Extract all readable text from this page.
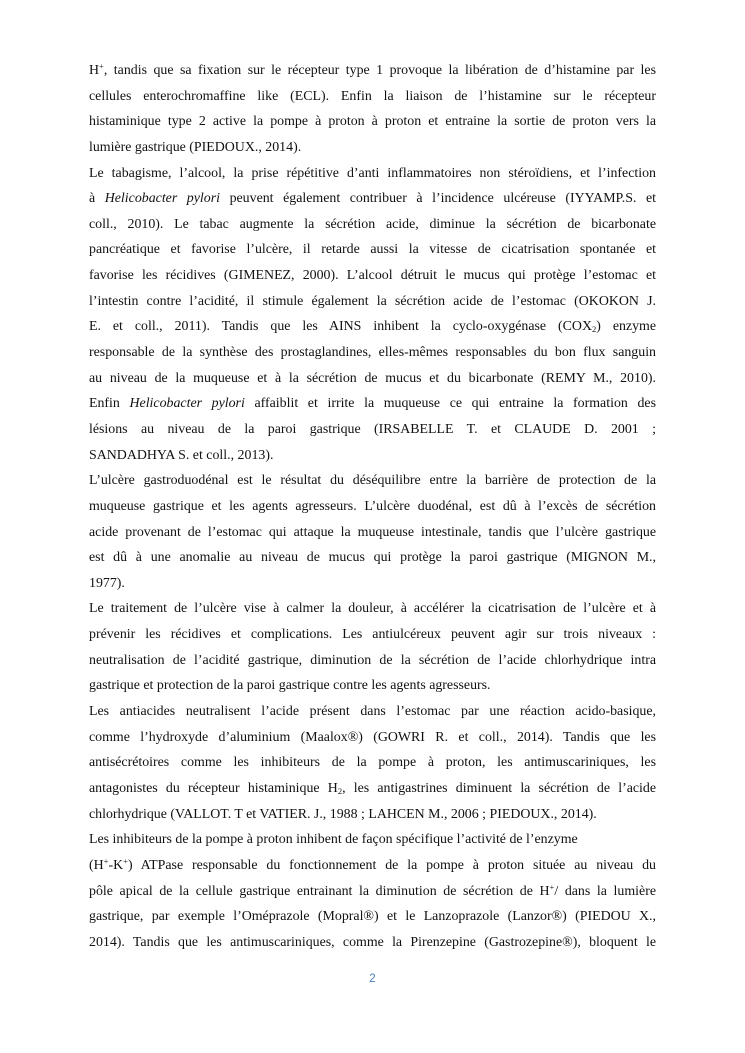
H+, tandis que sa fixation sur le récepteur type 1 provoque la libération de d’histamine par les
cellules enterochromaffine like (ECL). Enfin la liaison de l’histamine sur le récepteur
histaminique type 2 active la pompe à proton à proton et entraine la sortie de proton vers la
lumière gastrique (PIEDOUX., 2014).
Le tabagisme, l’alcool, la prise répétitive d’anti inflammatoires non stéroïdiens, et l’infection
à Helicobacter pylori peuvent également contribuer à l’incidence ulcéreuse (IYYAMP.S. et
coll., 2010). Le tabac augmente la sécrétion acide, diminue la sécrétion de bicarbonate
pancréatique et favorise l’ulcère, il retarde aussi la vitesse de cicatrisation spontanée et
favorise les récidives (GIMENEZ, 2000). L’alcool détruit le mucus qui protège l’estomac et
l’intestin contre l’acidité, il stimule également la sécrétion acide de l’estomac (OKOKON J.
E. et coll., 2011). Tandis que les AINS inhibent la cyclo-oxygénase $(COX_2)$ enzyme
responsable de la synthèse des prostaglandines, elles-mêmes responsables du bon flux sanguin
au niveau de la muqueuse et à la sécrétion de mucus et du bicarbonate (REMY M., 2010).
Enfin Helicobacter pylori affaiblit et irrite la muqueuse ce qui entraine la formation des
lésions au niveau de la paroi gastrique (IRSABELLE T. et CLAUDE D. 2001 ;
SANDADHYA S. et coll., 2013).
L’ulcère gastroduodénal est le résultat du déséquilibre entre la barrière de protection de la
muqueuse gastrique et les agents agresseurs. L’ulcère duodénal, est dû à l’excès de sécrétion
acide provenant de l’estomac qui attaque la muqueuse intestinale, tandis que l’ulcère gastrique
est dû à une anomalie au niveau de mucus qui protège la paroi gastrique (MIGNON M.,
1977).
Le traitement de l’ulcère vise à calmer la douleur, à accélérer la cicatrisation de l’ulcère et à
prévenir les récidives et complications. Les antiulcéreux peuvent agir sur trois niveaux :
neutralisation de l’acidité gastrique, diminution de la sécrétion de l’acide chlorhydrique intra
gastrique et protection de la paroi gastrique contre les agents agresseurs.
Les antiacides neutralisent l’acide présent dans l’estomac par une réaction acido-basique,
comme l’hydroxyde d’aluminium (Maalox®) (GOWRI R. et coll., 2014). Tandis que les
antisécrétoires comme les inhibiteurs de la pompe à proton, les antimuscariniques, les
antagonistes du récepteur histaminique $H_2$, les antigastrines diminuent la sécrétion de l’acide
chlorhydrique (VALLOT. T et VATIER. J., 1988 ; LAHCEN M., 2006 ; PIEDOUX., 2014).
Les inhibiteurs de la pompe à proton inhibent de façon spécifique l’activité de l’enzyme
(H+-K+) ATPase responsable du fonctionnement de la pompe à proton située au niveau du
pôle apical de la cellule gastrique entrainant la diminution de sécrétion de H+/ dans la lumière
gastrique, par exemple l’Oméprazole (Mopral®) et le Lanzoprazole (Lanzor®) (PIEDOU X.,
2014). Tandis que les antimuscariniques, comme la Pirenzepine (Gastrozepine®), bloquent le
2
